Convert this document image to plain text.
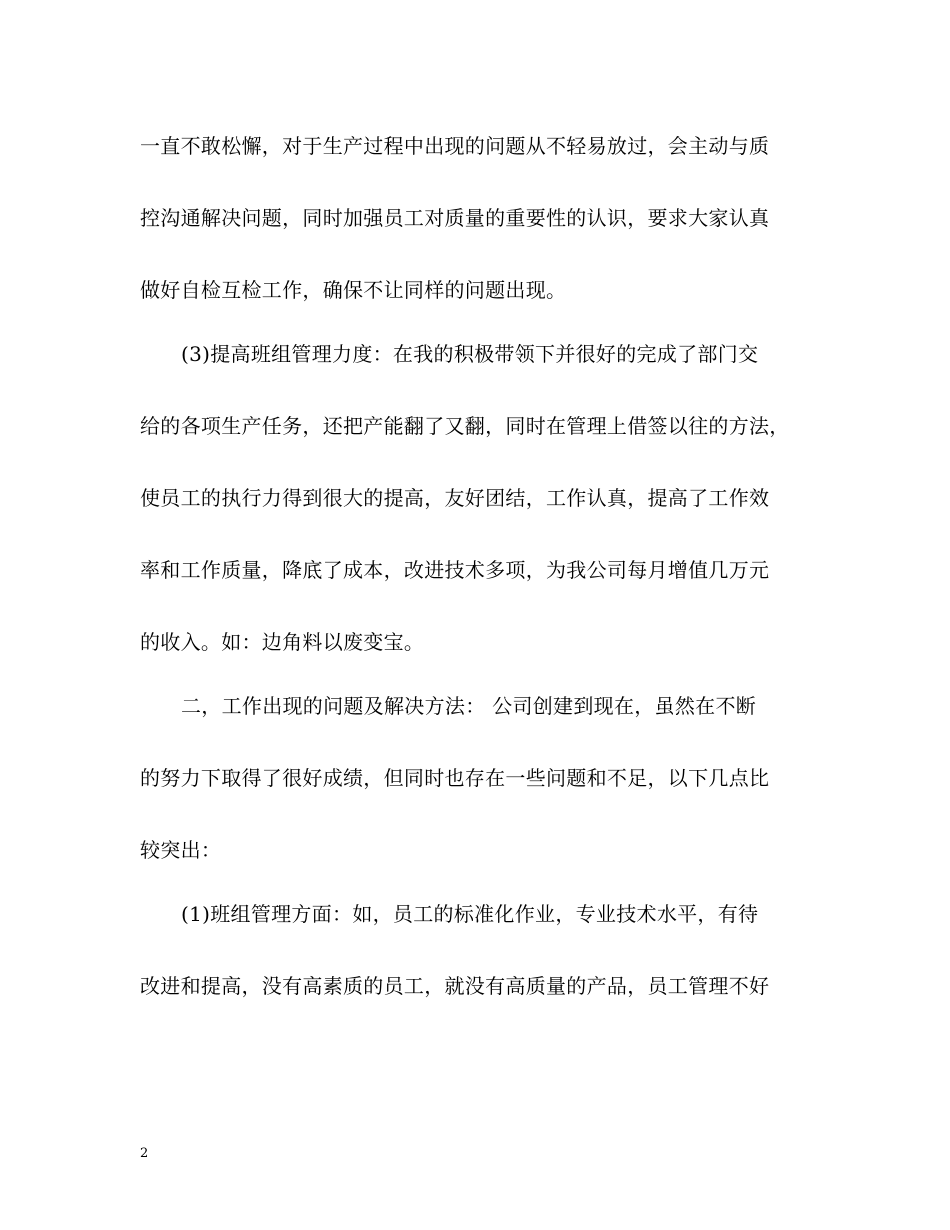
一直不敢松懈，对于生产过程中出现的问题从不轻易放过，会主动与质
控沟通解决问题，同时加强员工对质量的重要性的认识，要求大家认真
做好自检互检工作，确保不让同样的问题出现。
(3)提高班组管理力度：在我的积极带领下并很好的完成了部门交
给的各项生产任务，还把产能翻了又翻，同时在管理上借签以往的方法，
使员工的执行力得到很大的提高，友好团结，工作认真，提高了工作效
率和工作质量，降底了成本，改进技术多项，为我公司每月增值几万元
的收入。如：边角料以废变宝。
二，工作出现的问题及解决方法： 公司创建到现在，虽然在不断
的努力下取得了很好成绩，但同时也存在一些问题和不足，以下几点比
较突出：
(1)班组管理方面：如，员工的标准化作业，专业技术水平，有待
改进和提高，没有高素质的员工，就没有高质量的产品，员工管理不好
2
